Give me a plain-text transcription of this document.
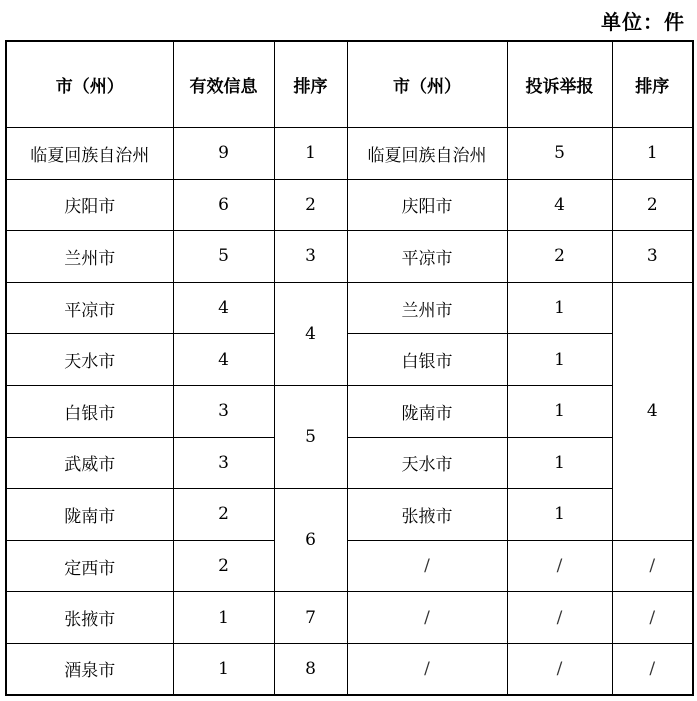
单位：件
市（州）	有效信息	排序	市（州）	投诉举报	排序
临夏回族自治州	9	1	临夏回族自治州	5	1
庆阳市	6	2	庆阳市	4	2
兰州市	5	3	平凉市	2	3
平凉市	4	4	兰州市	1	4
天水市	4		白银市	1	
白银市	3	5	陇南市	1	
武威市	3		天水市	1	
陇南市	2	6	张掖市	1	
定西市	2		/	/	/
张掖市	1	7	/	/	/
酒泉市	1	8	/	/	/
